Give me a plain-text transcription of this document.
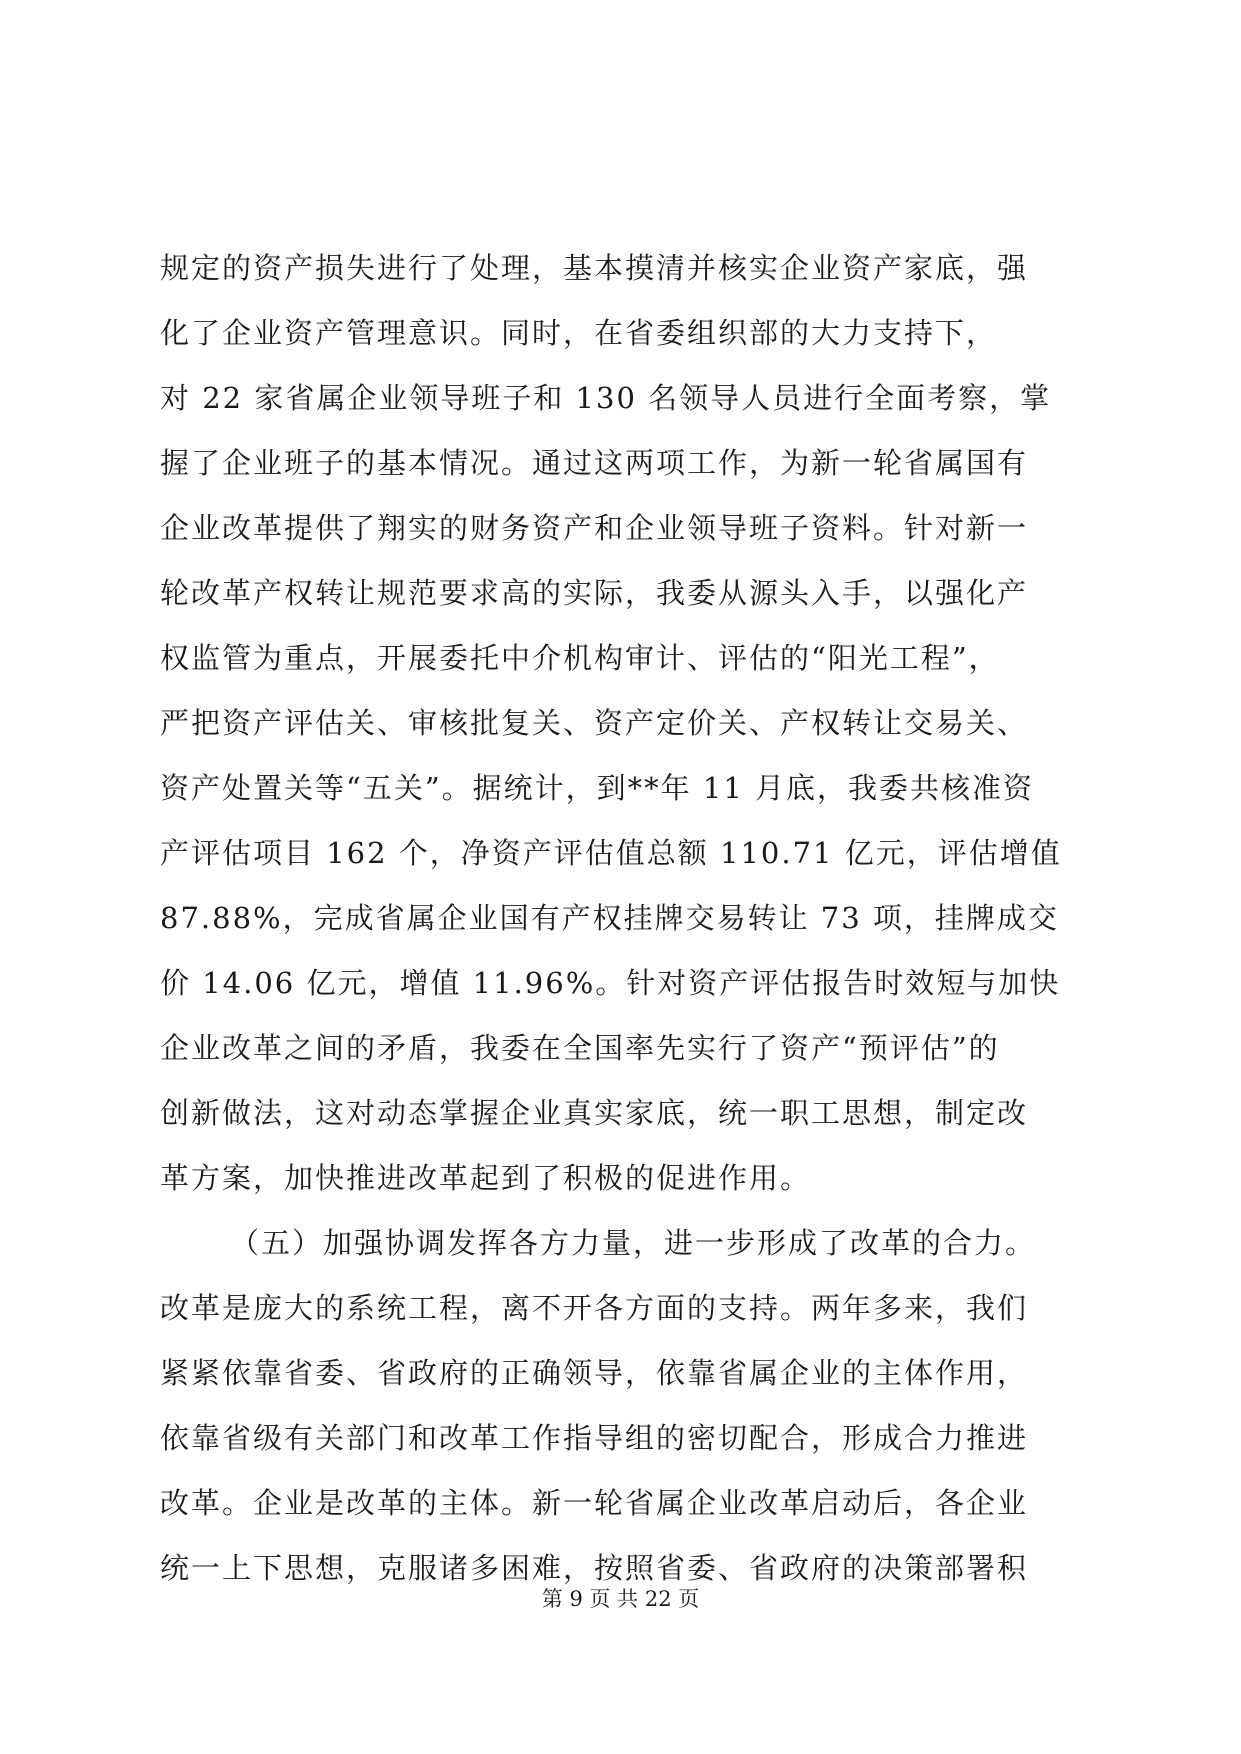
规定的资产损失进行了处理，基本摸清并核实企业资产家底，强
化了企业资产管理意识。同时，在省委组织部的大力支持下，
对 22 家省属企业领导班子和 130 名领导人员进行全面考察，掌
握了企业班子的基本情况。通过这两项工作，为新一轮省属国有
企业改革提供了翔实的财务资产和企业领导班子资料。针对新一
轮改革产权转让规范要求高的实际，我委从源头入手，以强化产
权监管为重点，开展委托中介机构审计、评估的“阳光工程”，
严把资产评估关、审核批复关、资产定价关、产权转让交易关、
资产处置关等“五关”。据统计，到**年 11 月底，我委共核准资
产评估项目 162 个，净资产评估值总额 110.71 亿元，评估增值
87.88%，完成省属企业国有产权挂牌交易转让 73 项，挂牌成交
价 14.06 亿元，增值 11.96%。针对资产评估报告时效短与加快
企业改革之间的矛盾，我委在全国率先实行了资产“预评估”的
创新做法，这对动态掌握企业真实家底，统一职工思想，制定改
革方案，加快推进改革起到了积极的促进作用。
（五）加强协调发挥各方力量，进一步形成了改革的合力。
改革是庞大的系统工程，离不开各方面的支持。两年多来，我们
紧紧依靠省委、省政府的正确领导，依靠省属企业的主体作用，
依靠省级有关部门和改革工作指导组的密切配合，形成合力推进
改革。企业是改革的主体。新一轮省属企业改革启动后，各企业
统一上下思想，克服诸多困难，按照省委、省政府的决策部署积
第 9 页 共 22 页
